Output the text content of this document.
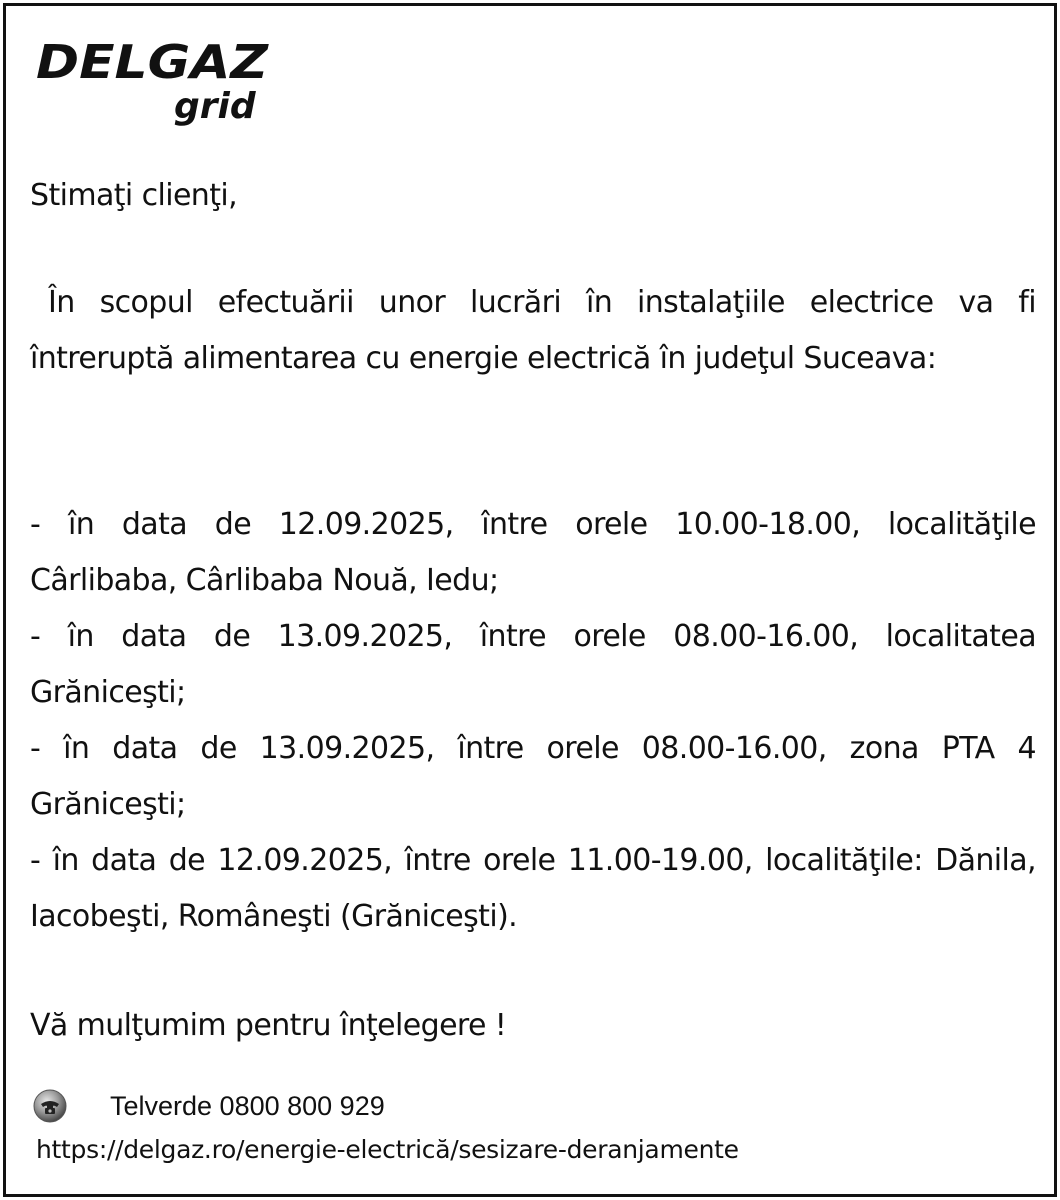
DELGAZ
grid
Stimaţi clienţi,
În scopul efectuării unor lucrări în instalaţiile electrice va fi întreruptă alimentarea cu energie electrică în judeţul Suceava:
- în data de 12.09.2025, între orele 10.00-18.00, localităţile Cârlibaba, Cârlibaba Nouă, Iedu;
- în data de 13.09.2025, între orele 08.00-16.00, localitatea Grăniceşti;
- în data de 13.09.2025, între orele 08.00-16.00, zona PTA 4 Grăniceşti;
- în data de 12.09.2025, între orele 11.00-19.00, localităţile: Dănila, Iacobeşti, Româneşti (Grăniceşti).
Vă mulţumim pentru înţelegere !
Telverde 0800 800 929
https://delgaz.ro/energie-electrică/sesizare-deranjamente
